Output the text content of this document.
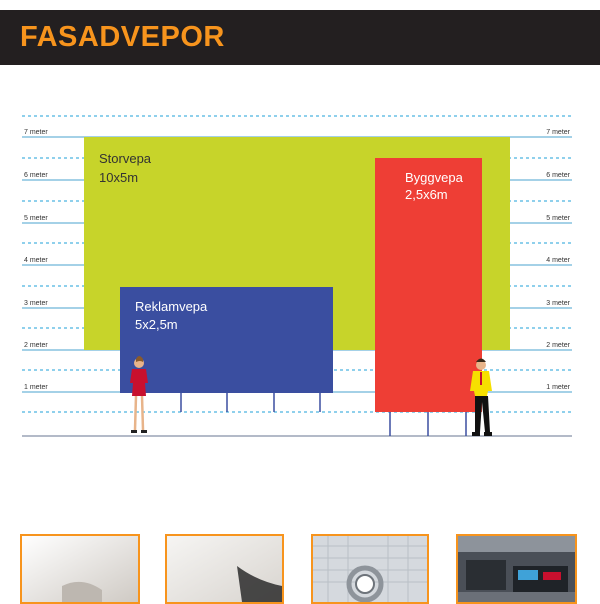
FASADVEPOR
7 meter
6 meter
5 meter
4 meter
3 meter
2 meter
1 meter
7 meter
6 meter
5 meter
4 meter
3 meter
2 meter
1 meter
Storvepa
10x5m	Byggvepa
2,5x6m
Reklamvepa
5x2,5m
